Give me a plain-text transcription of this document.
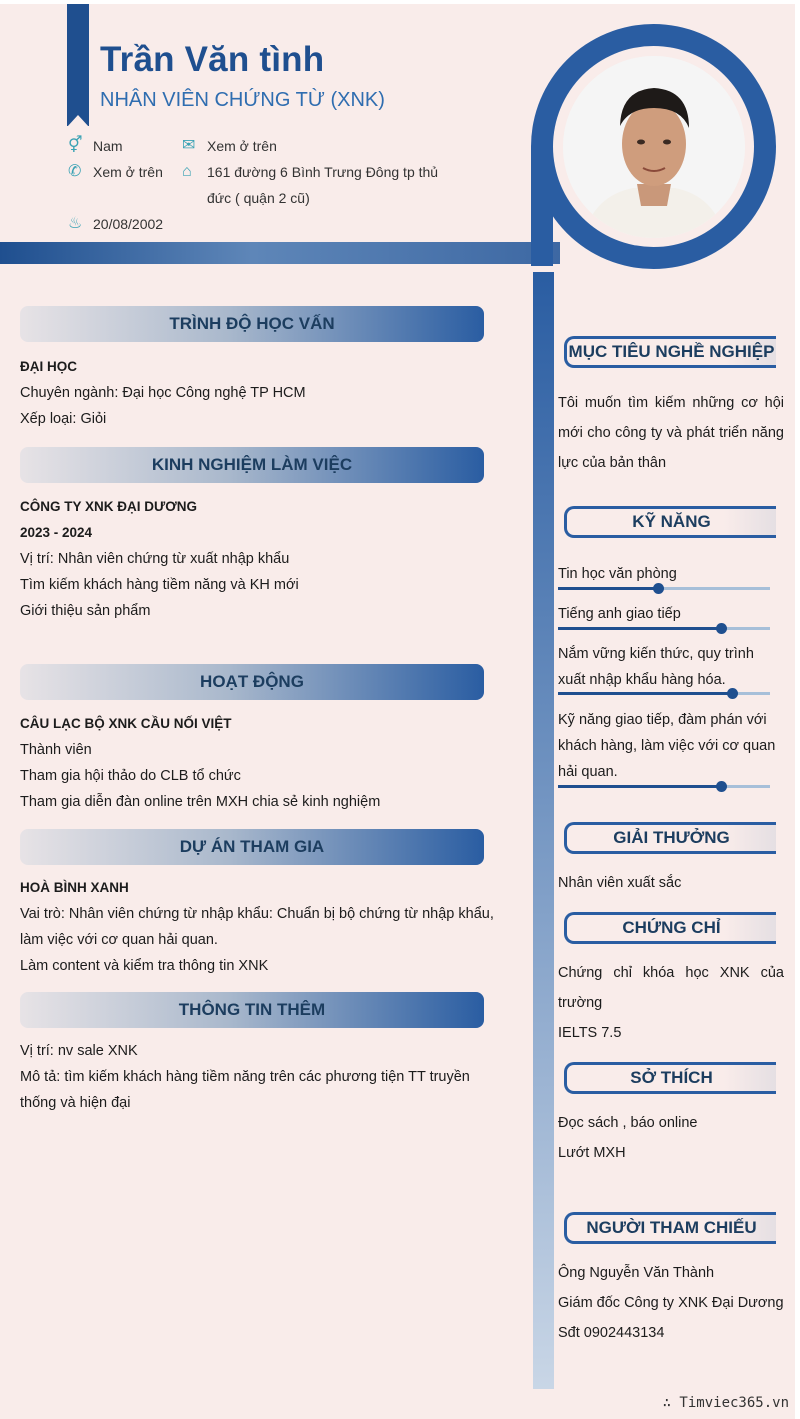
Trần Văn tình
NHÂN VIÊN CHỨNG TỪ (XNK)
⚥ Nam
✆ Xem ở trên
♨ 20/08/2002
✉ Xem ở trên
⌂	161 đường 6 Bình Trưng Đông tp thủ
đức ( quận 2 cũ)
TRÌNH ĐỘ HỌC VẤN
ĐẠI HỌC
Chuyên ngành: Đại học Công nghệ TP HCM
Xếp loại: Giỏi
KINH NGHIỆM LÀM VIỆC
CÔNG TY XNK ĐẠI DƯƠNG
2023 - 2024
Vị trí: Nhân viên chứng từ xuất nhập khẩu
Tìm kiếm khách hàng tiềm năng và KH mới
Giới thiệu sản phẩm
HOẠT ĐỘNG
CÂU LẠC BỘ XNK CẦU NỐI VIỆT
Thành viên
Tham gia hội thảo do CLB tổ chức
Tham gia diễn đàn online trên MXH chia sẻ kinh nghiệm
DỰ ÁN THAM GIA
HOÀ BÌNH XANH
Vai trò: Nhân viên chứng từ nhập khẩu: Chuẩn bị bộ chứng từ nhập khẩu,
làm việc với cơ quan hải quan.
Làm content và kiểm tra thông tin XNK
THÔNG TIN THÊM
Vị trí: nv sale XNK
Mô tả: tìm kiếm khách hàng tiềm năng trên các phương tiện TT truyền
thống và hiện đại
MỤC TIÊU NGHỀ NGHIỆP
Tôi muốn tìm kiếm những cơ hội mới cho công ty và phát triển năng lực của bản thân
KỸ NĂNG
Tin học văn phòng
Tiếng anh giao tiếp
Nắm vững kiến thức, quy trình xuất nhập khẩu hàng hóa.
Kỹ năng giao tiếp, đàm phán với khách hàng, làm việc với cơ quan hải quan.
GIẢI THƯỞNG
Nhân viên xuất sắc
CHỨNG CHỈ
Chứng chỉ khóa học XNK của trường
IELTS 7.5
SỞ THÍCH
Đọc sách , báo online
Lướt MXH
NGƯỜI THAM CHIẾU
Ông Nguyễn Văn Thành
Giám đốc Công ty XNK Đại Dương
Sđt 0902443134
∴ Timviec365.vn
